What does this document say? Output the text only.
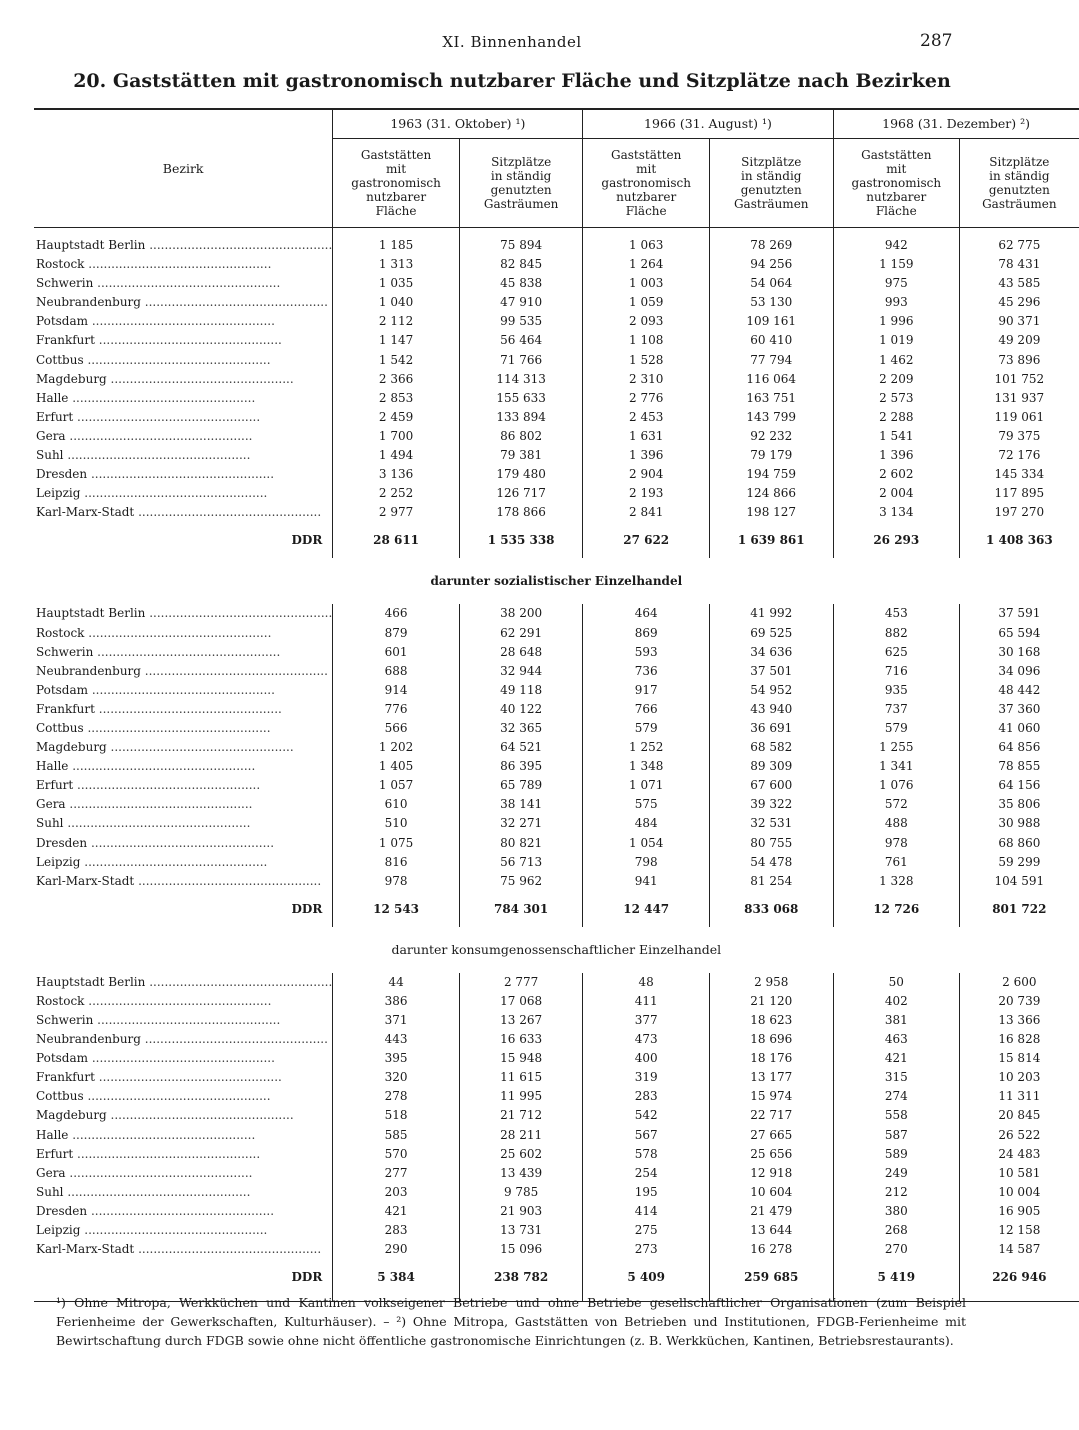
XI. Binnenhandel	287
20. Gaststätten mit gastronomisch nutzbarer Fläche und Sitzplätze nach Bezirken
Bezirk	1963 (31. Oktober) ¹)		1966 (31. August) ¹)		1968 (31. Dezember) ²)	
	Gaststätten mit gastronomisch nutzbarer Fläche	Sitzplätze in ständig genutzten Gasträumen	Gaststätten mit gastronomisch nutzbarer Fläche	Sitzplätze in ständig genutzten Gasträumen	Gaststätten mit gastronomisch nutzbarer Fläche	Sitzplätze in ständig genutzten Gasträumen

Hauptstadt Berlin ................................................	1 185	75 894	1 063	78 269	942	62 775
Rostock ................................................	1 313	82 845	1 264	94 256	1 159	78 431
Schwerin ................................................	1 035	45 838	1 003	54 064	975	43 585
Neubrandenburg ................................................	1 040	47 910	1 059	53 130	993	45 296
Potsdam ................................................	2 112	99 535	2 093	109 161	1 996	90 371
Frankfurt ................................................	1 147	56 464	1 108	60 410	1 019	49 209
Cottbus ................................................	1 542	71 766	1 528	77 794	1 462	73 896
Magdeburg ................................................	2 366	114 313	2 310	116 064	2 209	101 752
Halle ................................................	2 853	155 633	2 776	163 751	2 573	131 937
Erfurt ................................................	2 459	133 894	2 453	143 799	2 288	119 061
Gera ................................................	1 700	86 802	1 631	92 232	1 541	79 375
Suhl ................................................	1 494	79 381	1 396	79 179	1 396	72 176
Dresden ................................................	3 136	179 480	2 904	194 759	2 602	145 334
Leipzig ................................................	2 252	126 717	2 193	124 866	2 004	117 895
Karl-Marx-Stadt ................................................	2 977	178 866	2 841	198 127	3 134	197 270
DDR	28 611	1 535 338	27 622	1 639 861	26 293	1 408 363
darunter sozialistischer Einzelhandel						
Hauptstadt Berlin ................................................	466	38 200	464	41 992	453	37 591
Rostock ................................................	879	62 291	869	69 525	882	65 594
Schwerin ................................................	601	28 648	593	34 636	625	30 168
Neubrandenburg ................................................	688	32 944	736	37 501	716	34 096
Potsdam ................................................	914	49 118	917	54 952	935	48 442
Frankfurt ................................................	776	40 122	766	43 940	737	37 360
Cottbus ................................................	566	32 365	579	36 691	579	41 060
Magdeburg ................................................	1 202	64 521	1 252	68 582	1 255	64 856
Halle ................................................	1 405	86 395	1 348	89 309	1 341	78 855
Erfurt ................................................	1 057	65 789	1 071	67 600	1 076	64 156
Gera ................................................	610	38 141	575	39 322	572	35 806
Suhl ................................................	510	32 271	484	32 531	488	30 988
Dresden ................................................	1 075	80 821	1 054	80 755	978	68 860
Leipzig ................................................	816	56 713	798	54 478	761	59 299
Karl-Marx-Stadt ................................................	978	75 962	941	81 254	1 328	104 591
DDR	12 543	784 301	12 447	833 068	12 726	801 722
darunter konsumgenossenschaftlicher Einzelhandel						
Hauptstadt Berlin ................................................	44	2 777	48	2 958	50	2 600
Rostock ................................................	386	17 068	411	21 120	402	20 739
Schwerin ................................................	371	13 267	377	18 623	381	13 366
Neubrandenburg ................................................	443	16 633	473	18 696	463	16 828
Potsdam ................................................	395	15 948	400	18 176	421	15 814
Frankfurt ................................................	320	11 615	319	13 177	315	10 203
Cottbus ................................................	278	11 995	283	15 974	274	11 311
Magdeburg ................................................	518	21 712	542	22 717	558	20 845
Halle ................................................	585	28 211	567	27 665	587	26 522
Erfurt ................................................	570	25 602	578	25 656	589	24 483
Gera ................................................	277	13 439	254	12 918	249	10 581
Suhl ................................................	203	9 785	195	10 604	212	10 004
Dresden ................................................	421	21 903	414	21 479	380	16 905
Leipzig ................................................	283	13 731	275	13 644	268	12 158
Karl-Marx-Stadt ................................................	290	15 096	273	16 278	270	14 587
DDR	5 384	238 782	5 409	259 685	5 419	226 946

¹) Ohne Mitropa, Werkküchen und Kantinen volkseigener Betriebe und ohne Betriebe gesellschaftlicher Organisationen (zum Beispiel Ferienheime der Gewerkschaften, Kulturhäuser). – ²) Ohne Mitropa, Gaststätten von Betrieben und Institutionen, FDGB-Ferienheime mit Bewirtschaftung durch FDGB sowie ohne nicht öffentliche gastronomische Einrichtungen (z. B. Werkküchen, Kantinen, Betriebsrestaurants).
